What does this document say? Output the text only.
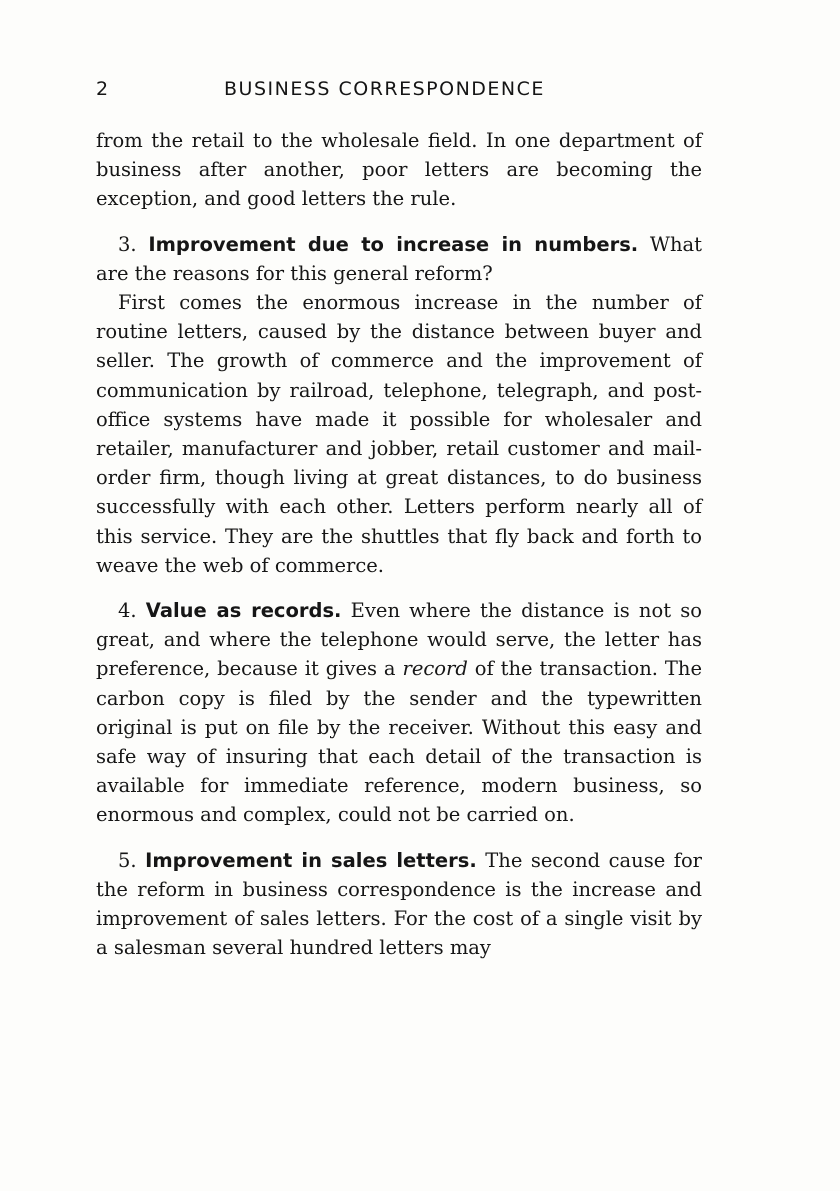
2	BUSINESS CORRESPONDENCE

from the retail to the wholesale field. In one department of business after another, poor letters are becoming the exception, and good letters the rule.

3. Improvement due to increase in numbers. What are the reasons for this general reform?

First comes the enormous increase in the number of routine letters, caused by the distance between buyer and seller. The growth of commerce and the improvement of communication by railroad, telephone, telegraph, and post-office systems have made it possible for wholesaler and retailer, manufacturer and jobber, retail customer and mail-order firm, though living at great distances, to do business successfully with each other. Letters perform nearly all of this service. They are the shuttles that fly back and forth to weave the web of commerce.

4. Value as records. Even where the distance is not so great, and where the telephone would serve, the letter has preference, because it gives a record of the transaction. The carbon copy is filed by the sender and the typewritten original is put on file by the receiver. Without this easy and safe way of insuring that each detail of the transaction is available for immediate reference, modern business, so enormous and complex, could not be carried on.

5. Improvement in sales letters. The second cause for the reform in business correspondence is the increase and improvement of sales letters. For the cost of a single visit by a salesman several hundred letters may
